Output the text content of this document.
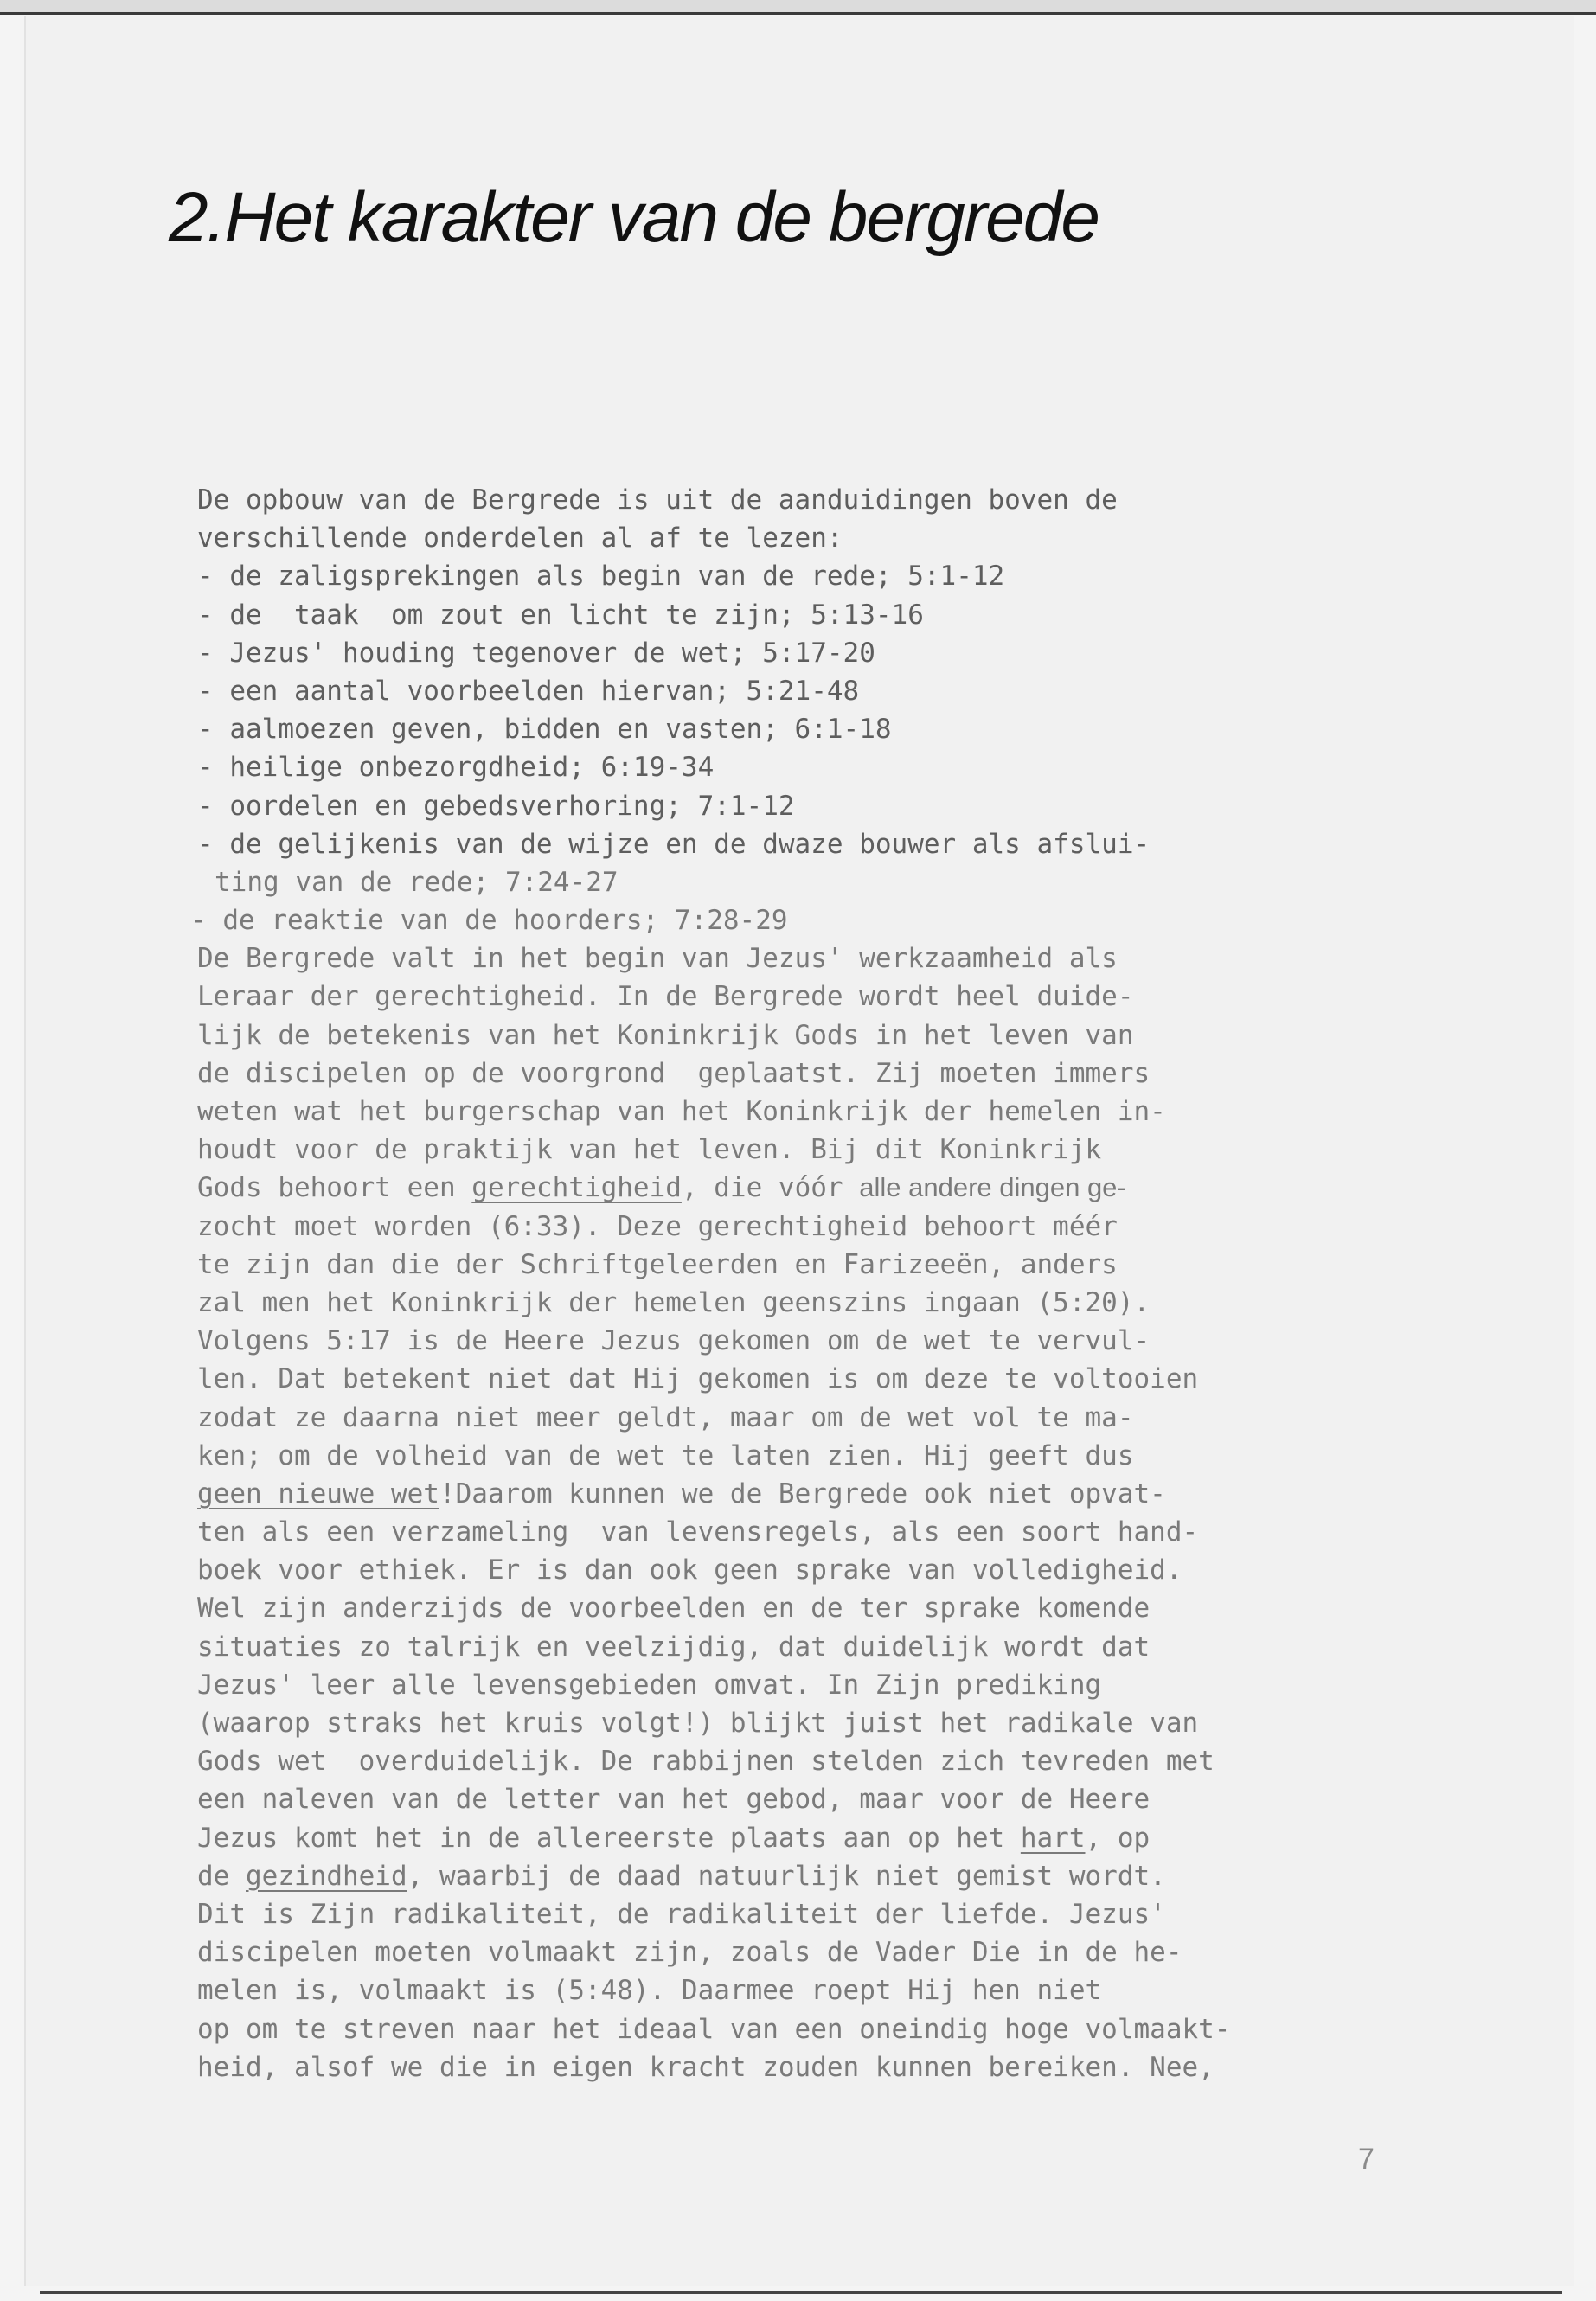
2.Het karakter van de bergrede
De opbouw van de Bergrede is uit de aanduidingen boven de
verschillende onderdelen al af te lezen:
- de zaligsprekingen als begin van de rede; 5:1-12
- de  taak  om zout en licht te zijn; 5:13-16
- Jezus' houding tegenover de wet; 5:17-20
- een aantal voorbeelden hiervan; 5:21-48
- aalmoezen geven, bidden en vasten; 6:1-18
- heilige onbezorgdheid; 6:19-34
- oordelen en gebedsverhoring; 7:1-12
- de gelijkenis van de wijze en de dwaze bouwer als afslui-
ting van de rede; 7:24-27
- de reaktie van de hoorders; 7:28-29
De Bergrede valt in het begin van Jezus' werkzaamheid als
Leraar der gerechtigheid. In de Bergrede wordt heel duide-
lijk de betekenis van het Koninkrijk Gods in het leven van
de discipelen op de voorgrond  geplaatst. Zij moeten immers
weten wat het burgerschap van het Koninkrijk der hemelen in-
houdt voor de praktijk van het leven. Bij dit Koninkrijk
Gods behoort een gerechtigheid, die vóór alle andere dingen ge-
zocht moet worden (6:33). Deze gerechtigheid behoort méér
te zijn dan die der Schriftgeleerden en Farizeeën, anders
zal men het Koninkrijk der hemelen geenszins ingaan (5:20).
Volgens 5:17 is de Heere Jezus gekomen om de wet te vervul-
len. Dat betekent niet dat Hij gekomen is om deze te voltooien
zodat ze daarna niet meer geldt, maar om de wet vol te ma-
ken; om de volheid van de wet te laten zien. Hij geeft dus
geen nieuwe wet!Daarom kunnen we de Bergrede ook niet opvat-
ten als een verzameling  van levensregels, als een soort hand-
boek voor ethiek. Er is dan ook geen sprake van volledigheid.
Wel zijn anderzijds de voorbeelden en de ter sprake komende
situaties zo talrijk en veelzijdig, dat duidelijk wordt dat
Jezus' leer alle levensgebieden omvat. In Zijn prediking
(waarop straks het kruis volgt!) blijkt juist het radikale van
Gods wet  overduidelijk. De rabbijnen stelden zich tevreden met
een naleven van de letter van het gebod, maar voor de Heere
Jezus komt het in de allereerste plaats aan op het hart, op
de gezindheid, waarbij de daad natuurlijk niet gemist wordt.
Dit is Zijn radikaliteit, de radikaliteit der liefde. Jezus'
discipelen moeten volmaakt zijn, zoals de Vader Die in de he-
melen is, volmaakt is (5:48). Daarmee roept Hij hen niet
op om te streven naar het ideaal van een oneindig hoge volmaakt-
heid, alsof we die in eigen kracht zouden kunnen bereiken. Nee,
7
